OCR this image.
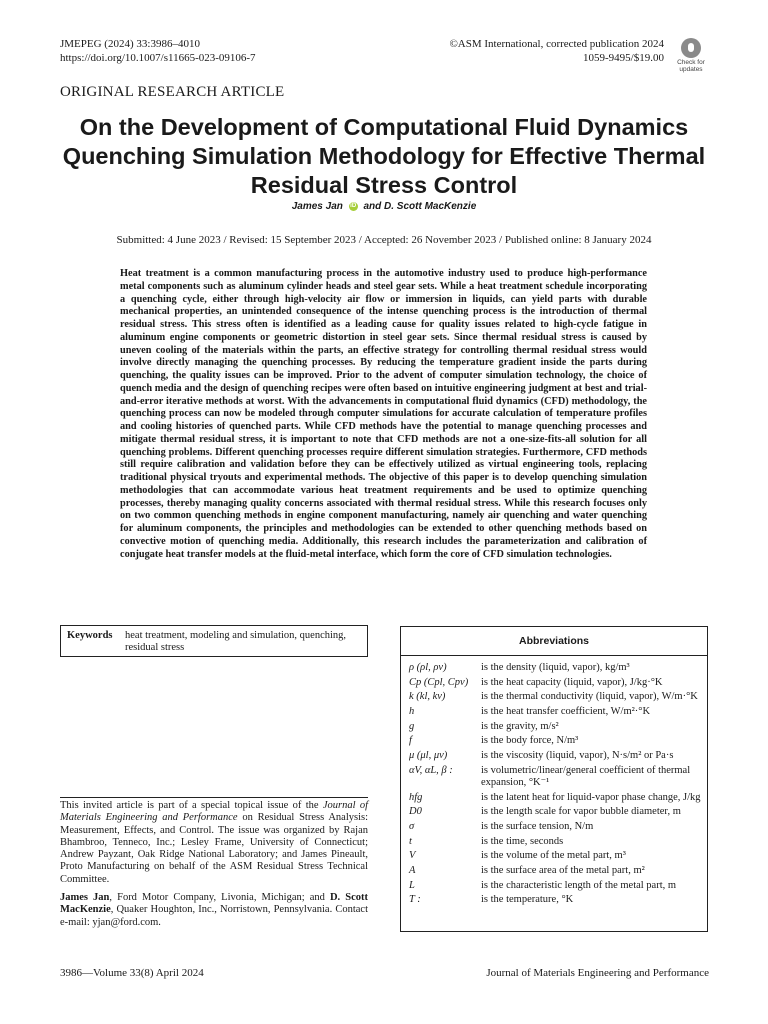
JMEPEG (2024) 33:3986–4010
https://doi.org/10.1007/s11665-023-09106-7
©ASM International, corrected publication 2024
1059-9495/$19.00	Check for
updates
ORIGINAL RESEARCH ARTICLE
On the Development of Computational Fluid Dynamics Quenching Simulation Methodology for Effective Thermal Residual Stress Control
James Jan iD and D. Scott MacKenzie
Submitted: 4 June 2023 / Revised: 15 September 2023 / Accepted: 26 November 2023 / Published online: 8 January 2024
Heat treatment is a common manufacturing process in the automotive industry used to produce high-performance metal components such as aluminum cylinder heads and steel gear sets. While a heat treatment schedule incorporating a quenching cycle, either through high-velocity air flow or immersion in liquids, can yield parts with durable mechanical properties, an unintended consequence of the intense quenching process is the introduction of thermal residual stress. This stress often is identified as a leading cause for quality issues related to high-cycle fatigue in aluminum engine components or geometric distortion in steel gear sets. Since thermal residual stress is caused by uneven cooling of the materials within the parts, an effective strategy for controlling thermal residual stress would involve directly managing the quenching processes. By reducing the temperature gradient inside the parts during quenching, the quality issues can be improved. Prior to the advent of computer simulation technology, the choice of quench media and the design of quenching recipes were often based on intuitive engineering judgment at best and trial-and-error iterative methods at worst. With the advancements in computational fluid dynamics (CFD) methodology, the quenching process can now be modeled through computer simulations for accurate calculation of temperature profiles and cooling histories of quenched parts. While CFD methods have the potential to manage quenching processes and mitigate thermal residual stress, it is important to note that CFD methods are not a one-size-fits-all solution for all quenching problems. Different quenching processes require different simulation strategies. Furthermore, CFD methods still require calibration and validation before they can be effectively utilized as virtual engineering tools, replacing traditional physical tryouts and experimental methods. The objective of this paper is to develop quenching simulation methodologies that can accommodate various heat treatment requirements and be used to optimize quenching processes, thereby managing quality concerns associated with thermal residual stress. While this research focuses only on two common quenching methods in engine component manufacturing, namely air quenching and water quenching for aluminum components, the principles and methodologies can be extended to other quenching methods based on convective motion of quenching media. Additionally, this research includes the parameterization and calibration of conjugate heat transfer models at the fluid-metal interface, which form the core of CFD simulation technologies.
Keywords	heat treatment, modeling and simulation, quenching, residual stress
This invited article is part of a special topical issue of the Journal of Materials Engineering and Performance on Residual Stress Analysis: Measurement, Effects, and Control. The issue was organized by Rajan Bhambroo, Tenneco, Inc.; Lesley Frame, University of Connecticut; Andrew Payzant, Oak Ridge National Laboratory; and James Pineault, Proto Manufacturing on behalf of the ASM Residual Stress Technical Committee.
James Jan, Ford Motor Company, Livonia, Michigan; and D. Scott MacKenzie, Quaker Houghton, Inc., Norristown, Pennsylvania. Contact e-mail: yjan@ford.com.
Abbreviations
ρ (ρl, ρv)	is the density (liquid, vapor), kg/m³
Cp (Cpl, Cpv)	is the heat capacity (liquid, vapor), J/kg·°K
k (kl, kv)	is the thermal conductivity (liquid, vapor), W/m·°K
h	is the heat transfer coefficient, W/m²·°K
g	is the gravity, m/s²
f	is the body force, N/m³
μ (μl, μv)	is the viscosity (liquid, vapor), N·s/m² or Pa·s
αV, αL, β :	is volumetric/linear/general coefficient of thermal expansion, °K⁻¹
hfg	is the latent heat for liquid-vapor phase change, J/kg
D0	is the length scale for vapor bubble diameter, m
σ	is the surface tension, N/m
t	is the time, seconds
V	is the volume of the metal part, m³
A	is the surface area of the metal part, m²
L	is the characteristic length of the metal part, m
T :	is the temperature, °K
3986—Volume 33(8) April 2024	Journal of Materials Engineering and Performance
